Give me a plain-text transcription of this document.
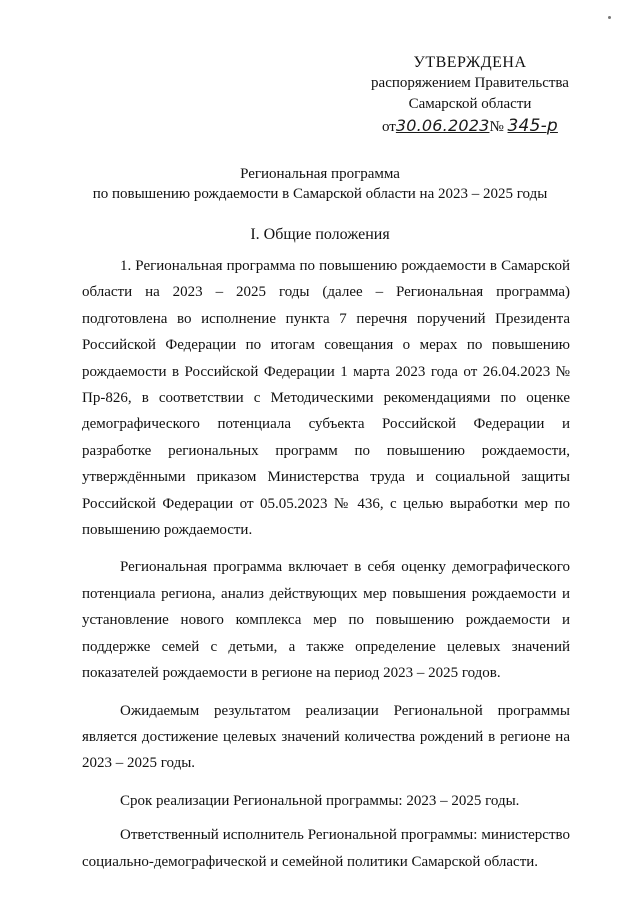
УТВЕРЖДЕНА
распоряжением Правительства
Самарской области
от30.06.2023№ 345-р
Региональная программа
по повышению рождаемости в Самарской области на 2023 – 2025 годы
I. Общие положения

1. Региональная программа по повышению рождаемости в Самарской области на 2023 – 2025 годы (далее – Региональная программа) подготовлена во исполнение пункта 7 перечня поручений Президента Российской Федерации по итогам совещания о мерах по повышению рождаемости в Российской Федерации 1 марта 2023 года от 26.04.2023 № Пр-826, в соответствии с Методическими рекомендациями по оценке демографического потенциала субъекта Российской Федерации и разработке региональных программ по повышению рождаемости, утверждёнными приказом Министерства труда и социальной защиты Российской Федерации от 05.05.2023 № 436, с целью выработки мер по повышению рождаемости.

Региональная программа включает в себя оценку демографического потенциала региона, анализ действующих мер повышения рождаемости и установление нового комплекса мер по повышению рождаемости и поддержке семей с детьми, а также определение целевых значений показателей рождаемости в регионе на период 2023 – 2025 годов.

Ожидаемым результатом реализации Региональной программы является достижение целевых значений количества рождений в регионе на 2023 – 2025 годы.

Срок реализации Региональной программы: 2023 – 2025 годы.

Ответственный исполнитель Региональной программы: министерство социально-демографической и семейной политики Самарской области.
